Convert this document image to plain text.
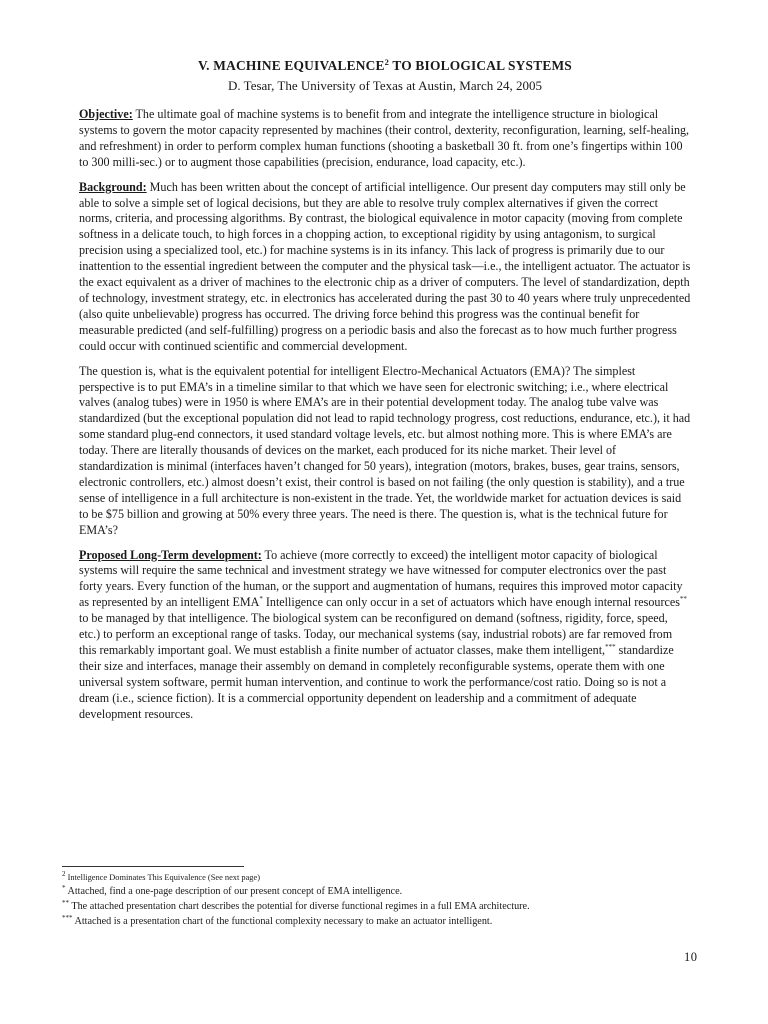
V. MACHINE EQUIVALENCE$^2$ TO BIOLOGICAL SYSTEMS

D. Tesar, The University of Texas at Austin, March 24, 2005

Objective: The ultimate goal of machine systems is to benefit from and integrate the intelligence structure in biological systems to govern the motor capacity represented by machines (their control, dexterity, reconfiguration, learning, self-healing, and refreshment) in order to perform complex human functions (shooting a basketball 30 ft. from one’s fingertips within 100 to 300 milli-sec.) or to augment those capabilities (precision, endurance, load capacity, etc.).

Background: Much has been written about the concept of artificial intelligence. Our present day computers may still only be able to solve a simple set of logical decisions, but they are able to resolve truly complex alternatives if given the correct norms, criteria, and processing algorithms. By contrast, the biological equivalence in motor capacity (moving from complete softness in a delicate touch, to high forces in a chopping action, to exceptional rigidity by using antagonism, to surgical precision using a specialized tool, etc.) for machine systems is in its infancy. This lack of progress is primarily due to our inattention to the essential ingredient between the computer and the physical task—i.e., the intelligent actuator. The actuator is the exact equivalent as a driver of machines to the electronic chip as a driver of computers. The level of standardization, depth of technology, investment strategy, etc. in electronics has accelerated during the past 30 to 40 years where truly unprecedented (also quite unbelievable) progress has occurred. The driving force behind this progress was the continual benefit for measurable predicted (and self-fulfilling) progress on a periodic basis and also the forecast as to how much further progress could occur with continued scientific and commercial development.

The question is, what is the equivalent potential for intelligent Electro-Mechanical Actuators (EMA)? The simplest perspective is to put EMA’s in a timeline similar to that which we have seen for electronic switching; i.e., where electrical valves (analog tubes) were in 1950 is where EMA’s are in their potential development today. The analog tube valve was standardized (but the exceptional population did not lead to rapid technology progress, cost reductions, endurance, etc.), it had some standard plug-end connectors, it used standard voltage levels, etc. but almost nothing more. This is where EMA’s are today. There are literally thousands of devices on the market, each produced for its niche market. Their level of standardization is minimal (interfaces haven’t changed for 50 years), integration (motors, brakes, buses, gear trains, sensors, electronic controllers, etc.) almost doesn’t exist, their control is based on not failing (the only question is stability), and a true sense of intelligence in a full architecture is non-existent in the trade. Yet, the worldwide market for actuation devices is said to be $75 billion and growing at 50% every three years. The need is there. The question is, what is the technical future for EMA’s?

Proposed Long-Term development: To achieve (more correctly to exceed) the intelligent motor capacity of biological systems will require the same technical and investment strategy we have witnessed for computer electronics over the past forty years. Every function of the human, or the support and augmentation of humans, requires this improved motor capacity as represented by an intelligent EMA* Intelligence can only occur in a set of actuators which have enough internal resources** to be managed by that intelligence. The biological system can be reconfigured on demand (softness, rigidity, force, speed, etc.) to perform an exceptional range of tasks. Today, our mechanical systems (say, industrial robots) are far removed from this remarkably important goal. We must establish a finite number of actuator classes, make them intelligent,*** standardize their size and interfaces, manage their assembly on demand in completely reconfigurable systems, operate them with one universal system software, permit human intervention, and continue to work the performance/cost ratio. Doing so is not a dream (i.e., science fiction). It is a commercial opportunity dependent on leadership and a commitment of adequate development resources.

$^2$ Intelligence Dominates This Equivalence (See next page)

* Attached, find a one-page description of our present concept of EMA intelligence.

** The attached presentation chart describes the potential for diverse functional regimes in a full EMA architecture.

*** Attached is a presentation chart of the functional complexity necessary to make an actuator intelligent.

10
